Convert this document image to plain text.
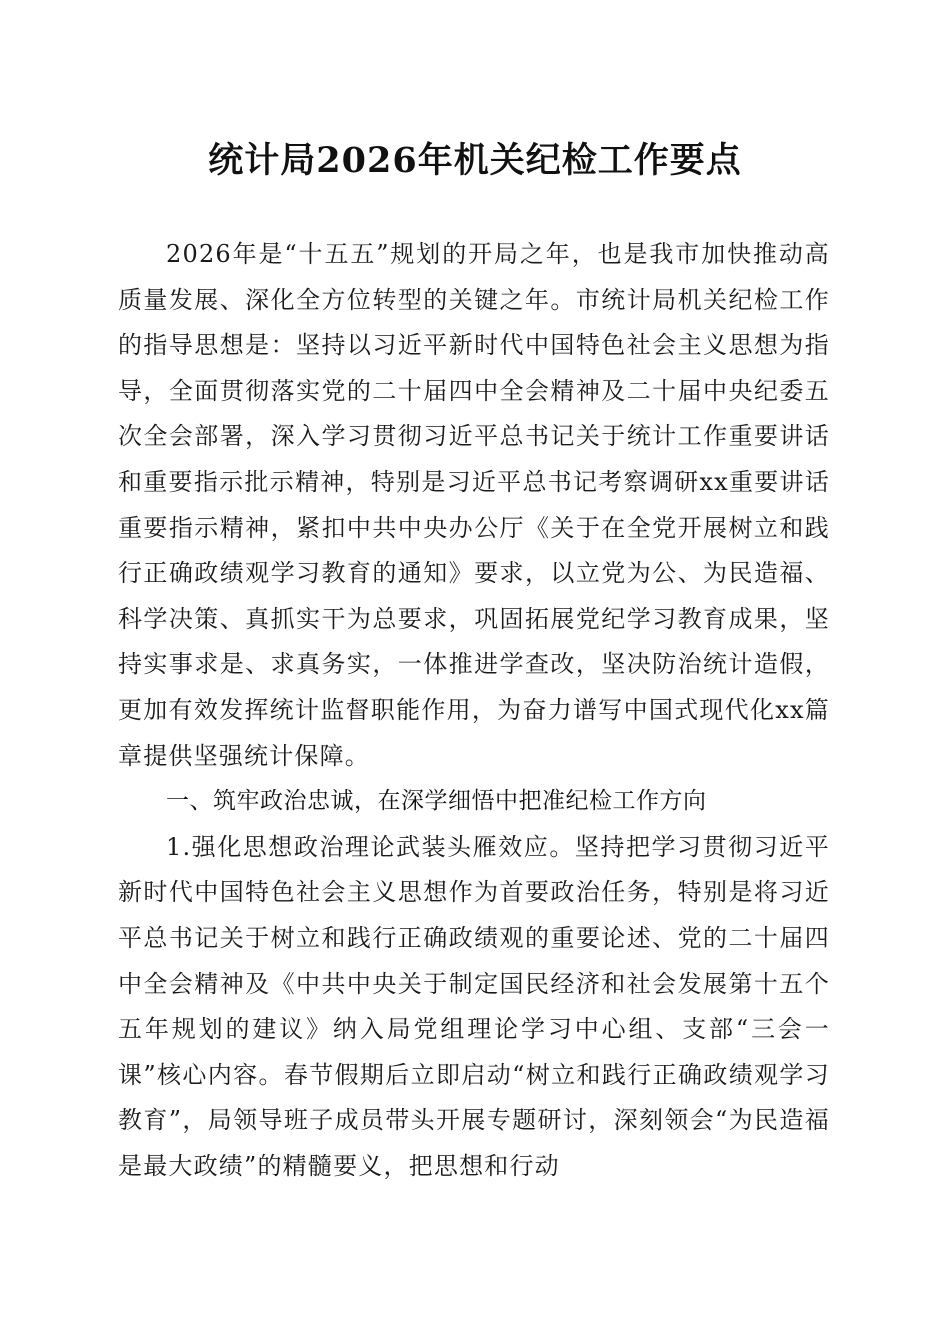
统计局2026年机关纪检工作要点

2026年是“十五五”规划的开局之年，也是我市加快推动高质量发展、深化全方位转型的关键之年。市统计局机关纪检工作的指导思想是：坚持以习近平新时代中国特色社会主义思想为指导，全面贯彻落实党的二十届四中全会精神及二十届中央纪委五次全会部署，深入学习贯彻习近平总书记关于统计工作重要讲话和重要指示批示精神，特别是习近平总书记考察调研xx重要讲话重要指示精神，紧扣中共中央办公厅《关于在全党开展树立和践行正确政绩观学习教育的通知》要求，以立党为公、为民造福、科学决策、真抓实干为总要求，巩固拓展党纪学习教育成果，坚持实事求是、求真务实，一体推进学查改，坚决防治统计造假，更加有效发挥统计监督职能作用，为奋力谱写中国式现代化xx篇章提供坚强统计保障。

一、筑牢政治忠诚，在深学细悟中把准纪检工作方向

1.强化思想政治理论武装头雁效应。坚持把学习贯彻习近平新时代中国特色社会主义思想作为首要政治任务，特别是将习近平总书记关于树立和践行正确政绩观的重要论述、党的二十届四中全会精神及《中共中央关于制定国民经济和社会发展第十五个五年规划的建议》纳入局党组理论学习中心组、支部“三会一课”核心内容。春节假期后立即启动“树立和践行正确政绩观学习教育”，局领导班子成员带头开展专题研讨，深刻领会“为民造福是最大政绩”的精髓要义，把思想和行动
